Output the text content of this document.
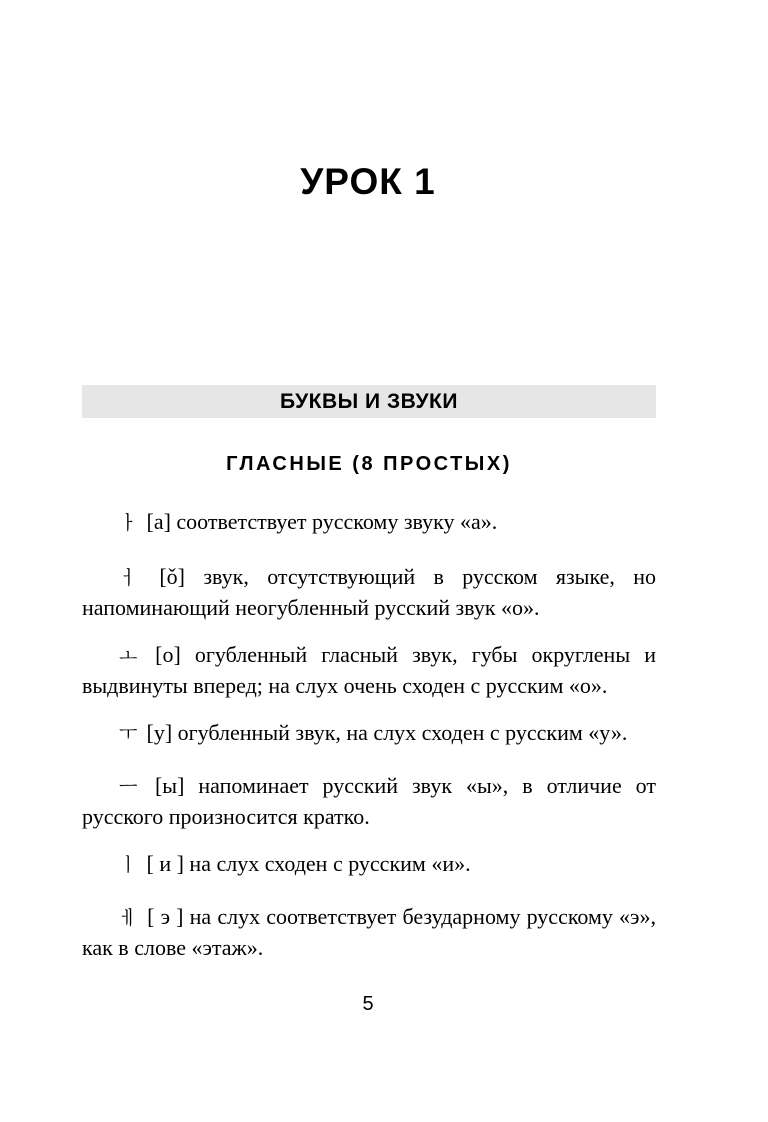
УРОК 1
БУКВЫ И ЗВУКИ
ГЛАСНЫЕ (8 ПРОСТЫХ)

ㅏ [а] соответствует русскому звуку «а».

ㅓ [ǒ] звук, отсутствующий в русском языке, но напоминающий неогубленный русский звук «о».

ㅗ [о] огубленный гласный звук, губы округлены и выдвинуты вперед; на слух очень сходен с русским «о».

ㅜ [у] огубленный звук, на слух сходен с русским «у».

ㅡ [ы] напоминает русский звук «ы», в отличие от русского произносится кратко.

ㅣ [ и ] на слух сходен с русским «и».

ㅔ [ э ] на слух соответствует безударному русскому «э», как в слове «этаж».

5
